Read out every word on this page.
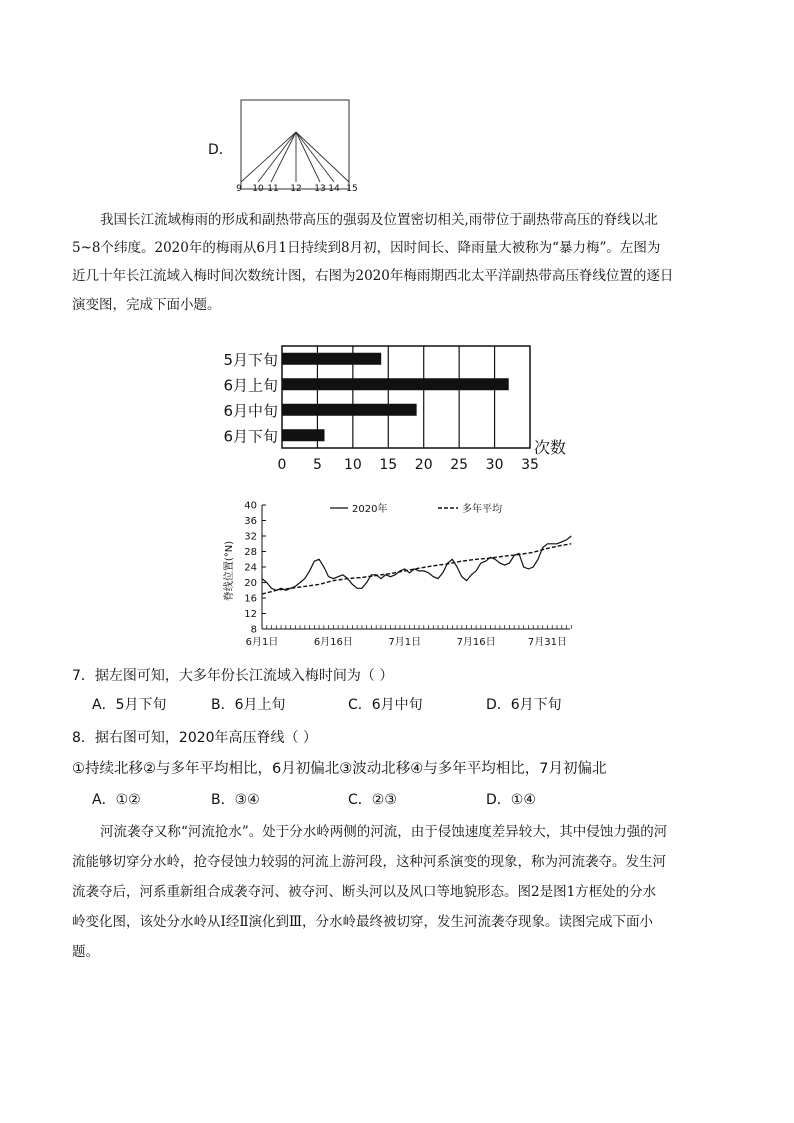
D．
9 10 11 12 13 14 15
我国长江流域梅雨的形成和副热带高压的强弱及位置密切相关,雨带位于副热带高压的脊线以北
5~8个纬度。2020年的梅雨从6月1日持续到8月初，因时间长、降雨量大被称为“暴力梅”。左图为
近几十年长江流域入梅时间次数统计图，右图为2020年梅雨期西北太平洋副热带高压脊线位置的逐日
演变图，完成下面小题。
5月下旬
6月上旬
6月中旬
6月下旬
0 5 10 15 20 25 30 35
次数
8
12
16
20
24
28
32
36
40
6月1日	6月16日	7月1日	7月16日	7月31日
脊线位置(°N)
2020年	多年平均
7．据左图可知，大多年份长江流域入梅时间为（ ）
A．5月下旬	B．6月上旬	C．6月中旬	D．6月下旬
8．据右图可知，2020年高压脊线（ ）
①持续北移②与多年平均相比，6月初偏北③波动北移④与多年平均相比，7月初偏北
A．①②	B．③④	C．②③	D．①④
河流袭夺又称“河流抢水”。处于分水岭两侧的河流，由于侵蚀速度差异较大，其中侵蚀力强的河
流能够切穿分水岭，抢夺侵蚀力较弱的河流上游河段，这种河系演变的现象，称为河流袭夺。发生河
流袭夺后，河系重新组合成袭夺河、被夺河、断头河以及风口等地貌形态。图2是图1方框处的分水
岭变化图，该处分水岭从Ⅰ经Ⅱ演化到Ⅲ，分水岭最终被切穿，发生河流袭夺现象。读图完成下面小
题。
